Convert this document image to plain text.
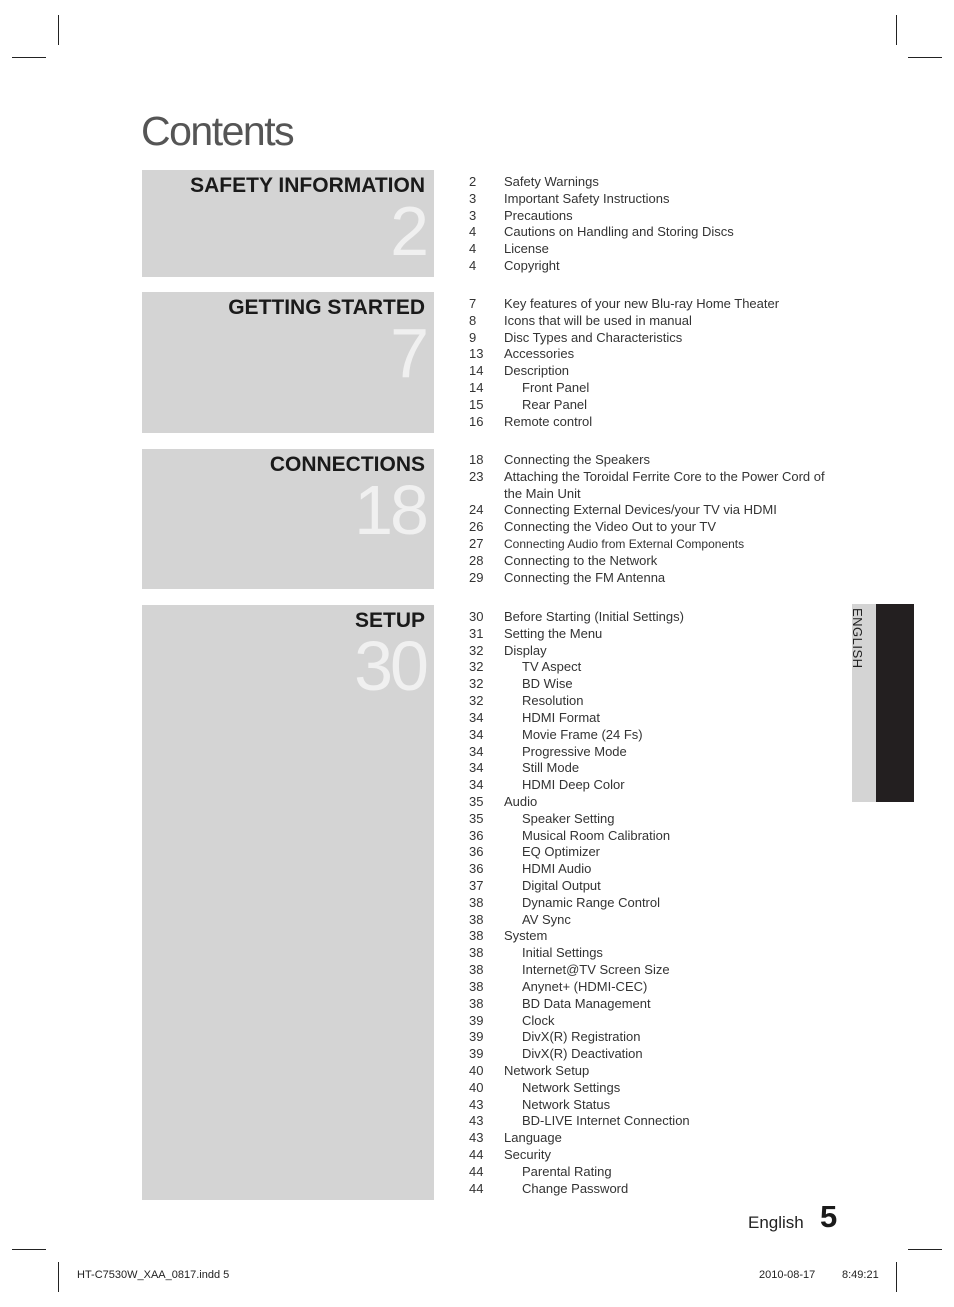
Contents
SAFETY INFORMATION
2
GETTING STARTED
7
CONNECTIONS
18
SETUP
30
2	Safety Warnings
3	Important Safety Instructions
3	Precautions
4	Cautions on Handling and Storing Discs
4	License
4	Copyright
7	Key features of your new Blu-ray Home Theater
8	Icons that will be used in manual
9	Disc Types and Characteristics
13	Accessories
14	Description
14	Front Panel
15	Rear Panel
16	Remote control
18	Connecting the Speakers
23	Attaching the Toroidal Ferrite Core to the Power Cord of
the Main Unit
24	Connecting External Devices/your TV via HDMI
26	Connecting the Video Out to your TV
27	Connecting Audio from External Components
28	Connecting to the Network
29	Connecting the FM Antenna
30	Before Starting (Initial Settings)
31	Setting the Menu
32	Display
32	TV Aspect
32	BD Wise
32	Resolution
34	HDMI Format
34	Movie Frame (24 Fs)
34	Progressive Mode
34	Still Mode
34	HDMI Deep Color
35	Audio
35	Speaker Setting
36	Musical Room Calibration
36	EQ Optimizer
36	HDMI Audio
37	Digital Output
38	Dynamic Range Control
38	AV Sync
38	System
38	Initial Settings
38	Internet@TV Screen Size
38	Anynet+ (HDMI-CEC)
38	BD Data Management
39	Clock
39	DivX(R) Registration
39	DivX(R) Deactivation
40	Network Setup
40	Network Settings
43	Network Status
43	BD-LIVE Internet Connection
43	Language
44	Security
44	Parental Rating
44	Change Password
ENGLISH
English 5
HT-C7530W_XAA_0817.indd 5	2010-08-17 8:49:21
